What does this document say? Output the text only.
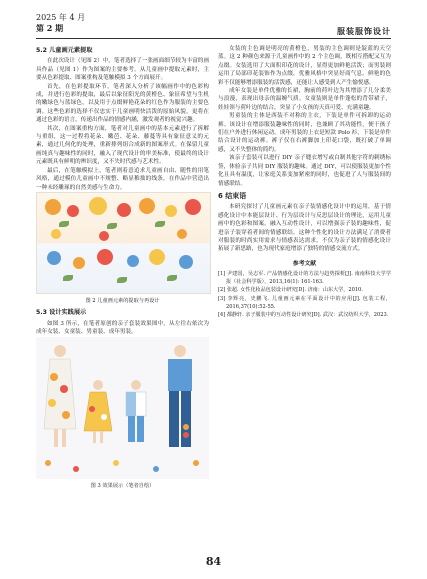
2025 年 4 月
第 2 期	服装服饰设计
5.2 儿童画元素提取

在此次设计（见图 2）中，笔者选择了一张画面细节较为丰富的画具作品（见图 1）作为图案的主要参考。从儿童画中提取元素时，主要从色彩提取、图案重构及笔触模拟 3 个方面展开。

首先，在色彩提取环节，笔者深入分析了该幅画作中的色彩构成，并进行色彩的提取，最后以象征阳光的黄橙色、象征希望与生机的嫩绿色与蓝绿色，以及用于点缀鲜艳花朵的红色作为服装的主要色调。这些色彩的选择不仅忠实于儿童画明快活泼的原始风貌，更将在通过色彩的语言，传递出作品的情感内涵，激发观者的视觉兴趣。

其次，在图案重构方面，笔者对儿童画中的基本元素进行了拆解与重组，这一过程将花朵、嫩芭、花朵、藤蔓等具有象征意义的元素，通过几何化的处理，重新排列组合成新的图案形式。在保留儿童画纯真与趣味性的同时，融入了现代设计的审美标准，使最终的设计元素既具有鲜明的辨识度，又不失时代感与艺术性。

最后，在笔触模拟上，笔者则着意追求儿童画自由、随性的用笔风格，通过模仿儿童画中不规整、略显稚拙的线条，在作品中营造出一种未经雕琢的自然美感与生命力。

图 2 儿童画元素的提取与再设计
5.3 设计实践展示

如图 3 所示，在笔者原创的亲子套装效果图中，从左往右依次为成年女装、女童装、男童装、成年男装。

图 3 效果展示（笔者自绘）

女装的主色调是明亮的黄橙色，男装的主色调则是靛蓝的天空蓝。这 2 种颜色来源于儿童画作中的 2 个主色调，既相互搭配又互为点缀。女装选用了大面积印花的设计，显得更加鲜艳活泼；而男装则运用了局部印花装饰作为点缀，优雅风格中突显好商气息。鲜艳的色彩不仅能够增添服装的活泼感，还能让人感受到人产生愉悦感。

成年女装是单件优雅的长裙，胸前的荷叶边为其增添了几分柔美与浪漫，表现出母亲的温婉气质。女童装则是单件蓬松的背带裙子，娃娃领与荷叶边的结合，突显了小女孩的天真可爱、充满童趣。

男童装的主体是西装不对称的主衣，下装是单件可拆卸的运动裤。该设计在增添服装趣味性的同时，也兼顾了其功能性，便于孩子们在户外进行休闲运动。成年男装的上衣是短款 Polo 衫，下装是单件结合设计的运动裤。裤子仅在右裤脚加上印花口袋，既打破了单调感，又不失整体的简约。

该亲子套装可以进行 DIY 亲子缝衣增写或白制其他字符的刺绣标签，体验亲子共同 DIY 服装的趣味。通过 DIY，可以使服装更加个性化且具有温度，让家庭关系变加紧密的同时，也促进了人与服装间的情感联结。

6 结束语

本研究探讨了儿童画元素在亲子装情感化设计中的运用，基于情感化设计中本能层设计、行为层设计与反思层设计的理论，运用儿童画中的色彩和图案，融入互动性设计，可以增强亲子装的趣味性，促进亲子装穿着者间的情感联结。这种个性化的设计方法满足了消费者对服装的时尚实用需求与情感表达需求，不仅为亲子装的情感化设计拓展了新思路，也为现代家庭增添了独特的情感交流方式。

参考文献

[1] 尹建国，吴志军. 产品情感化设计的方法与趋势探析[J]. 南南科技大学学报（社会科学版），2013,16(1): 161-163.

[2] 张超. 女性化妆品包装设计研究[D]. 济南：山东大学，2010.

[3] 李辉亮，史鹏飞. 儿童画元素在平面设计中的应用[J]. 包装工程，2016,37(10):52-55.

[4] 都静轩. 亲子服装中的互动性设计研究[D]. 武汉：武汉纺织大学，2023.

84
